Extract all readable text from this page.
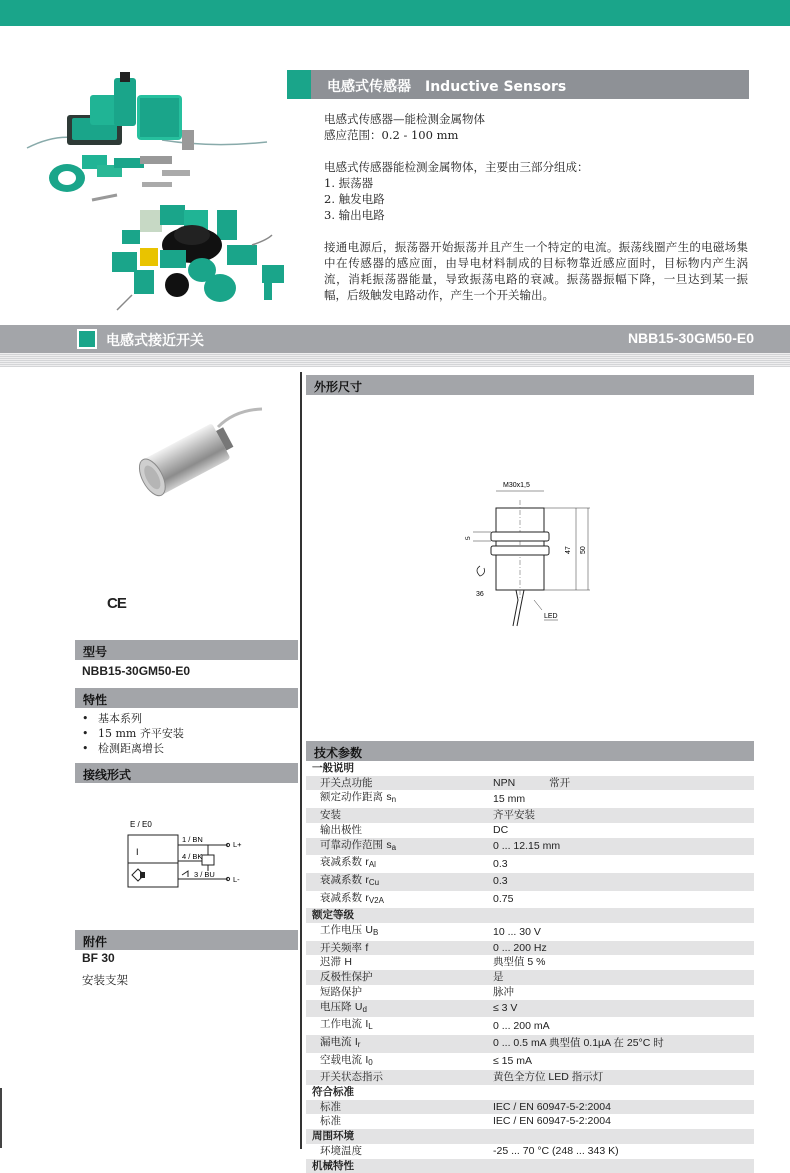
电感式传感器 Inductive Sensors

电感式传感器—能检测金属物体

感应范围：0.2 - 100 mm

电感式传感器能检测金属物体，主要由三部分组成：

1. 振荡器

2. 触发电路

3. 输出电路

接通电源后，振荡器开始振荡并且产生一个特定的电流。振荡线圈产生的电磁场集中在传感器的感应面，由导电材料制成的目标物靠近感应面时，目标物内产生涡流，消耗振荡器能量，导致振荡电路的衰减。振荡器振幅下降，一旦达到某一振幅，后级触发电路动作，产生一个开关输出。

电感式接近开关	NBB15-30GM50-E0
CE
型号
NBB15-30GM50-E0
特性
• 基本系列
• 15 mm 齐平安装
• 检测距离增长
接线形式
E / E0
I
1 / BN
4 / BK
3 / BU
L+
L-
附件
BF 30
安装支架
外形尺寸
M30x1,5
5
36
47 50
LED
技术参数
一般说明	
开关点功能	NPN 常开
额定动作距离 $s_n$	15 mm
安装	齐平安装
输出极性	DC
可靠动作范围 $s_a$	0 ... 12.15 mm
衰减系数 $r_{Al}$	0.3
衰减系数 $r_{Cu}$	0.3
衰减系数 $r_{V2A}$	0.75
额定等级	
工作电压 $U_B$	10 ... 30 V
开关频率 f	0 ... 200 Hz
迟滞 H	典型值 5 %
反极性保护	是
短路保护	脉冲
电压降 $U_d$	≤ 3 V
工作电流 $I_L$	0 ... 200 mA
漏电流 $I_r$	0 ... 0.5 mA 典型值 0.1µA 在 25°C 时
空载电流 $I_0$	≤ 15 mA
开关状态指示	黄色全方位 LED 指示灯
符合标准	
标准	IEC / EN 60947-5-2:2004
标准	IEC / EN 60947-5-2:2004
周围环境	
环境温度	-25 ... 70 °C (248 ... 343 K)
机械特性	
